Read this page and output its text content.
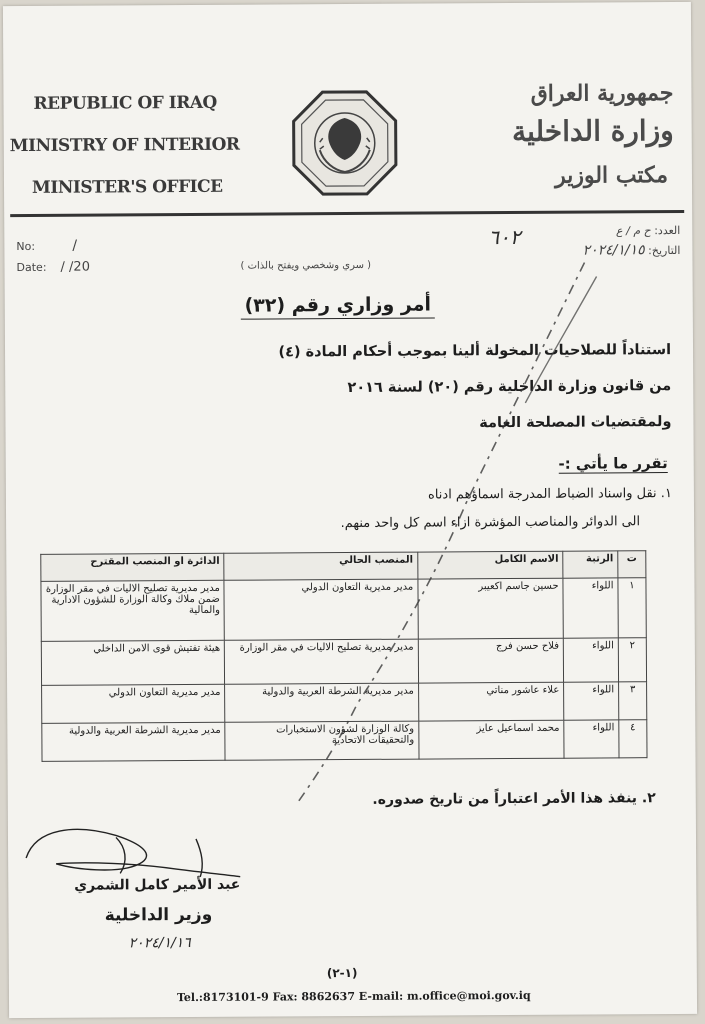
REPUBLIC OF IRAQ
MINISTRY OF INTERIOR
MINISTER'S OFFICE
جمهورية العراق
وزارة الداخلية
مكتب الوزير
No:	/
Date: / /20	( سري وشخصي ويفتح بالذات )
٦٠٢	العدد: ح م / ع
التاريخ: ٢٠٢٤/١/١٥
أمر وزاري رقم (٣٢)
استناداً للصلاحيات المخولة ألينا بموجب أحكام المادة (٤)
من قانون وزارة الداخلية رقم (٢٠) لسنة ٢٠١٦
ولمقتضيات المصلحة العامة
تقرر ما يأتي :-
١. نقل واسناد الضباط المدرجة اسماؤهم ادناه
الى الدوائر والمناصب المؤشرة ازاء اسم كل واحد منهم.
ت	الرتبة	الاسم الكامل	المنصب الحالي	الدائرة او المنصب المقترح
١	اللواء	حسين جاسم اكعيبر	مدير مديرية التعاون الدولي	مدير مديرية تصليح الاليات في مقر الوزارة ضمن ملاك وكالة الوزارة للشؤون الادارية والمالية
٢	اللواء	فلاح حسن فرج	مدير مديرية تصليح الاليات في مقر الوزارة	هيئة تفتيش قوى الامن الداخلي
٣	اللواء	علاء عاشور مناتي	مدير مديرية الشرطة العربية والدولية	مدير مديرية التعاون الدولي
٤	اللواء	محمد اسماعيل عايز	وكالة الوزارة لشؤون الاستخبارات والتحقيقات الاتحادية	مدير مديرية الشرطة العربية والدولية
٢. ينفذ هذا الأمر اعتباراً من تاريخ صدوره.
عبد الأمير كامل الشمري
وزير الداخلية
٢٠٢٤/١/١٦
(١-٢)
Tel.:8173101-9 Fax: 8862637 E-mail: m.office@moi.gov.iq
